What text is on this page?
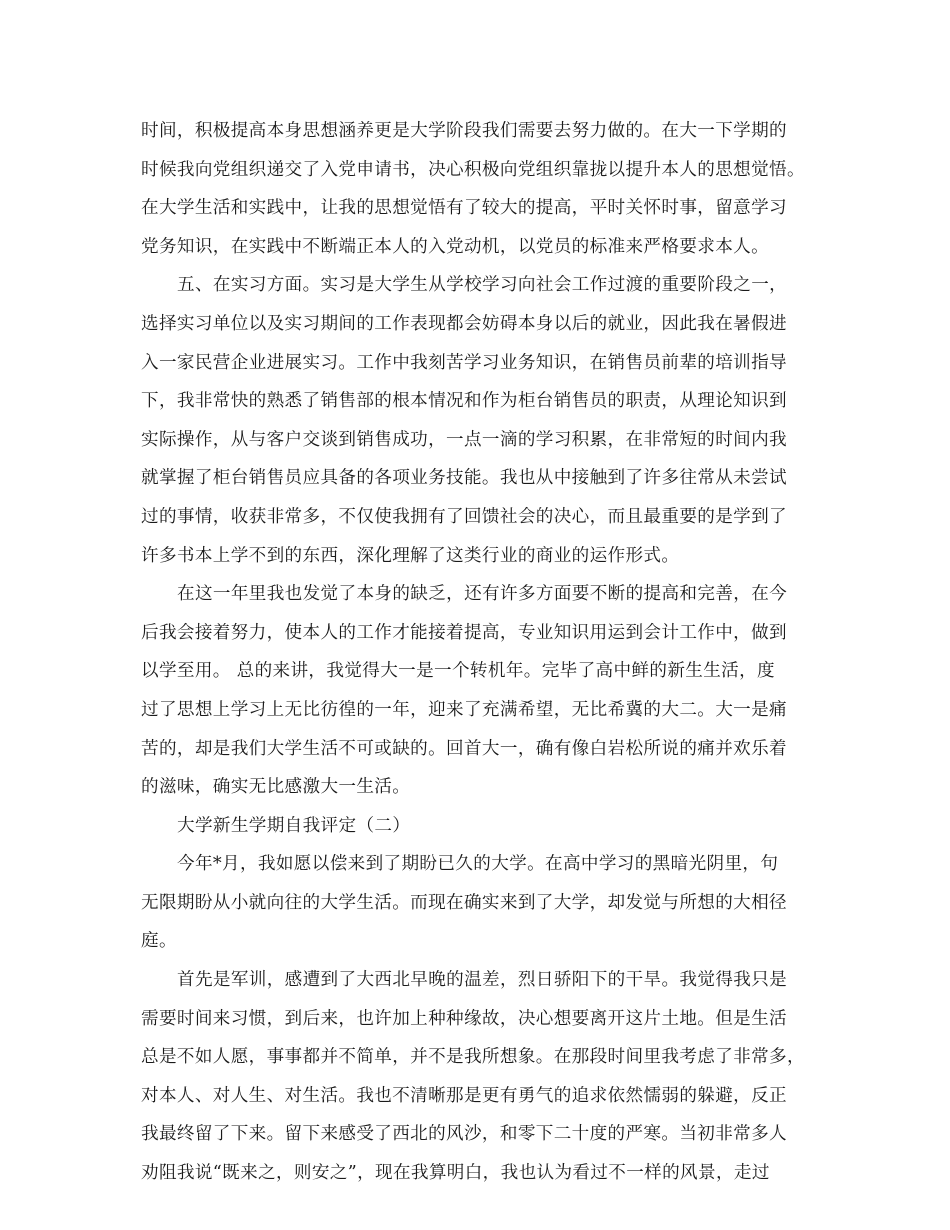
时间，积极提高本身思想涵养更是大学阶段我们需要去努力做的。在大一下学期的
时候我向党组织递交了入党申请书，决心积极向党组织靠拢以提升本人的思想觉悟。
在大学生活和实践中，让我的思想觉悟有了较大的提高，平时关怀时事，留意学习
党务知识，在实践中不断端正本人的入党动机，以党员的标准来严格要求本人。
五、在实习方面。实习是大学生从学校学习向社会工作过渡的重要阶段之一，
选择实习单位以及实习期间的工作表现都会妨碍本身以后的就业，因此我在暑假进
入一家民营企业进展实习。工作中我刻苦学习业务知识，在销售员前辈的培训指导
下，我非常快的熟悉了销售部的根本情况和作为柜台销售员的职责，从理论知识到
实际操作，从与客户交谈到销售成功，一点一滴的学习积累，在非常短的时间内我
就掌握了柜台销售员应具备的各项业务技能。我也从中接触到了许多往常从未尝试
过的事情，收获非常多，不仅使我拥有了回馈社会的决心，而且最重要的是学到了
许多书本上学不到的东西，深化理解了这类行业的商业的运作形式。
在这一年里我也发觉了本身的缺乏，还有许多方面要不断的提高和完善，在今
后我会接着努力，使本人的工作才能接着提高，专业知识用运到会计工作中，做到
以学至用。 总的来讲，我觉得大一是一个转机年。完毕了高中鲜的新生生活，度
过了思想上学习上无比彷徨的一年，迎来了充满希望，无比希冀的大二。大一是痛
苦的，却是我们大学生活不可或缺的。回首大一，确有像白岩松所说的痛并欢乐着
的滋味，确实无比感激大一生活。
大学新生学期自我评定（二）
今年*月，我如愿以偿来到了期盼已久的大学。在高中学习的黑暗光阴里，句
无限期盼从小就向往的大学生活。而现在确实来到了大学，却发觉与所想的大相径
庭。
首先是军训，感遭到了大西北早晚的温差，烈日骄阳下的干旱。我觉得我只是
需要时间来习惯，到后来，也许加上种种缘故，决心想要离开这片土地。但是生活
总是不如人愿，事事都并不简单，并不是我所想象。在那段时间里我考虑了非常多，
对本人、对人生、对生活。我也不清晰那是更有勇气的追求依然懦弱的躲避，反正
我最终留了下来。留下来感受了西北的风沙，和零下二十度的严寒。当初非常多人
劝阻我说“既来之，则安之”，现在我算明白，我也认为看过不一样的风景，走过
